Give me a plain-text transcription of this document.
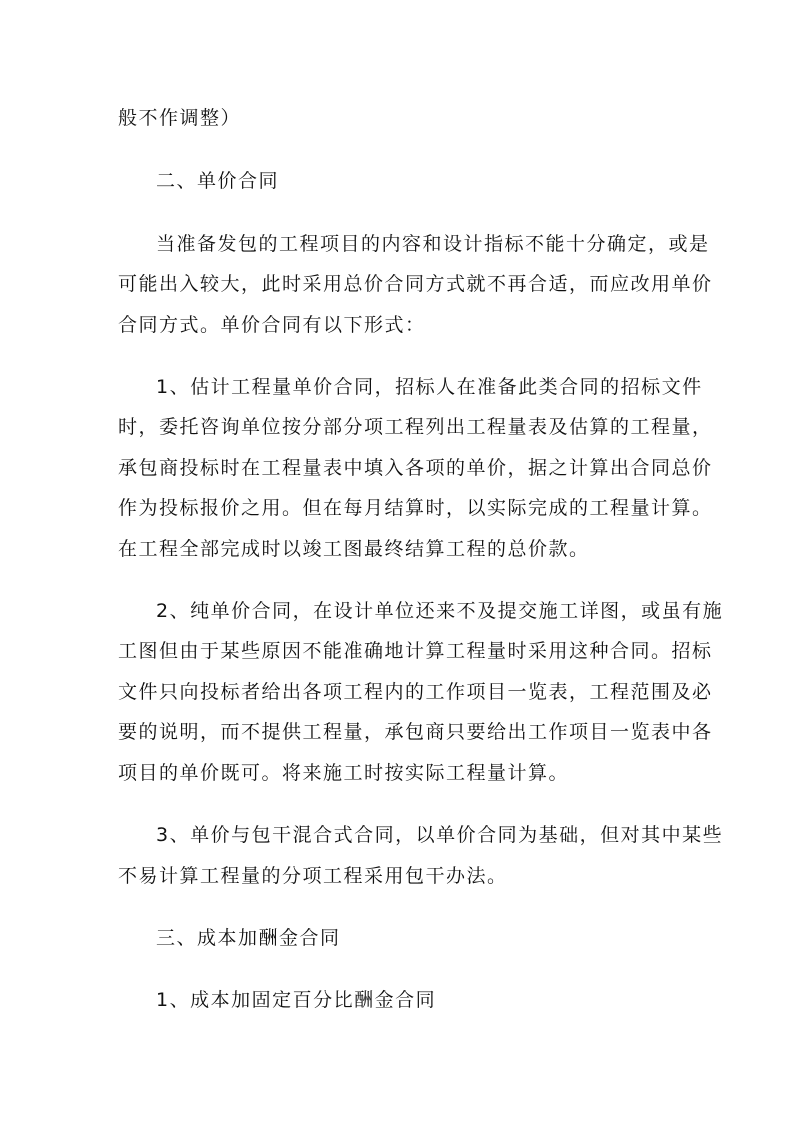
般不作调整）
二、单价合同
当准备发包的工程项目的内容和设计指标不能十分确定，或是
可能出入较大，此时采用总价合同方式就不再合适，而应改用单价
合同方式。单价合同有以下形式：
1、估计工程量单价合同，招标人在准备此类合同的招标文件
时，委托咨询单位按分部分项工程列出工程量表及估算的工程量，
承包商投标时在工程量表中填入各项的单价，据之计算出合同总价
作为投标报价之用。但在每月结算时，以实际完成的工程量计算。
在工程全部完成时以竣工图最终结算工程的总价款。
2、纯单价合同，在设计单位还来不及提交施工详图，或虽有施
工图但由于某些原因不能准确地计算工程量时采用这种合同。招标
文件只向投标者给出各项工程内的工作项目一览表，工程范围及必
要的说明，而不提供工程量，承包商只要给出工作项目一览表中各
项目的单价既可。将来施工时按实际工程量计算。
3、单价与包干混合式合同，以单价合同为基础，但对其中某些
不易计算工程量的分项工程采用包干办法。
三、成本加酬金合同
1、成本加固定百分比酬金合同
